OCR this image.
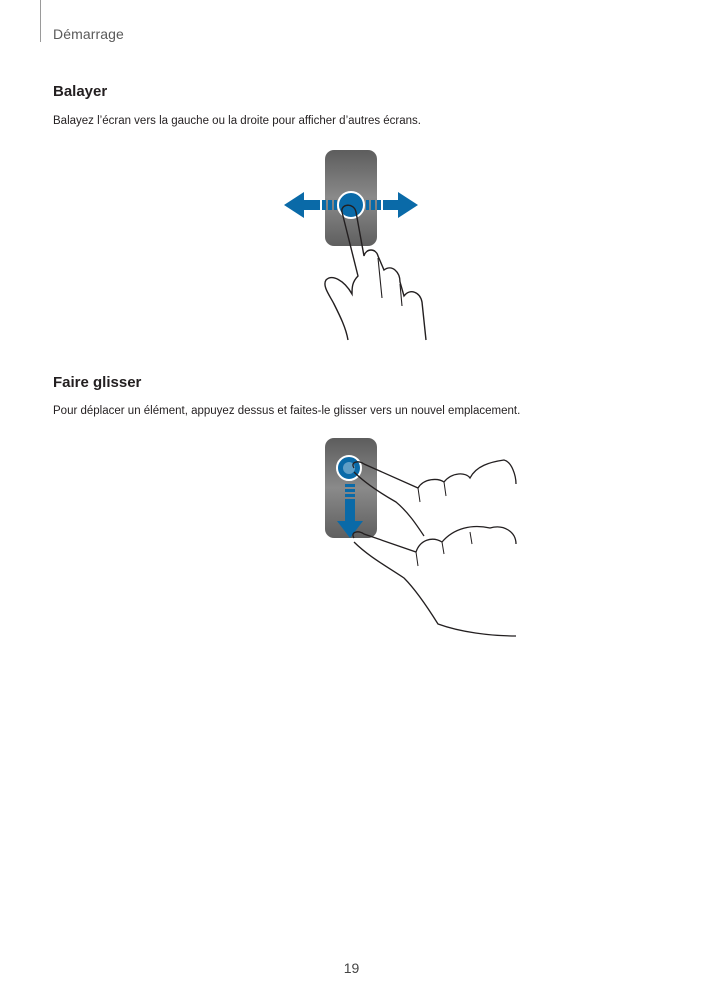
Démarrage
Balayer
Balayez l’écran vers la gauche ou la droite pour afficher d’autres écrans.
Faire glisser
Pour déplacer un élément, appuyez dessus et faites-le glisser vers un nouvel emplacement.
19
